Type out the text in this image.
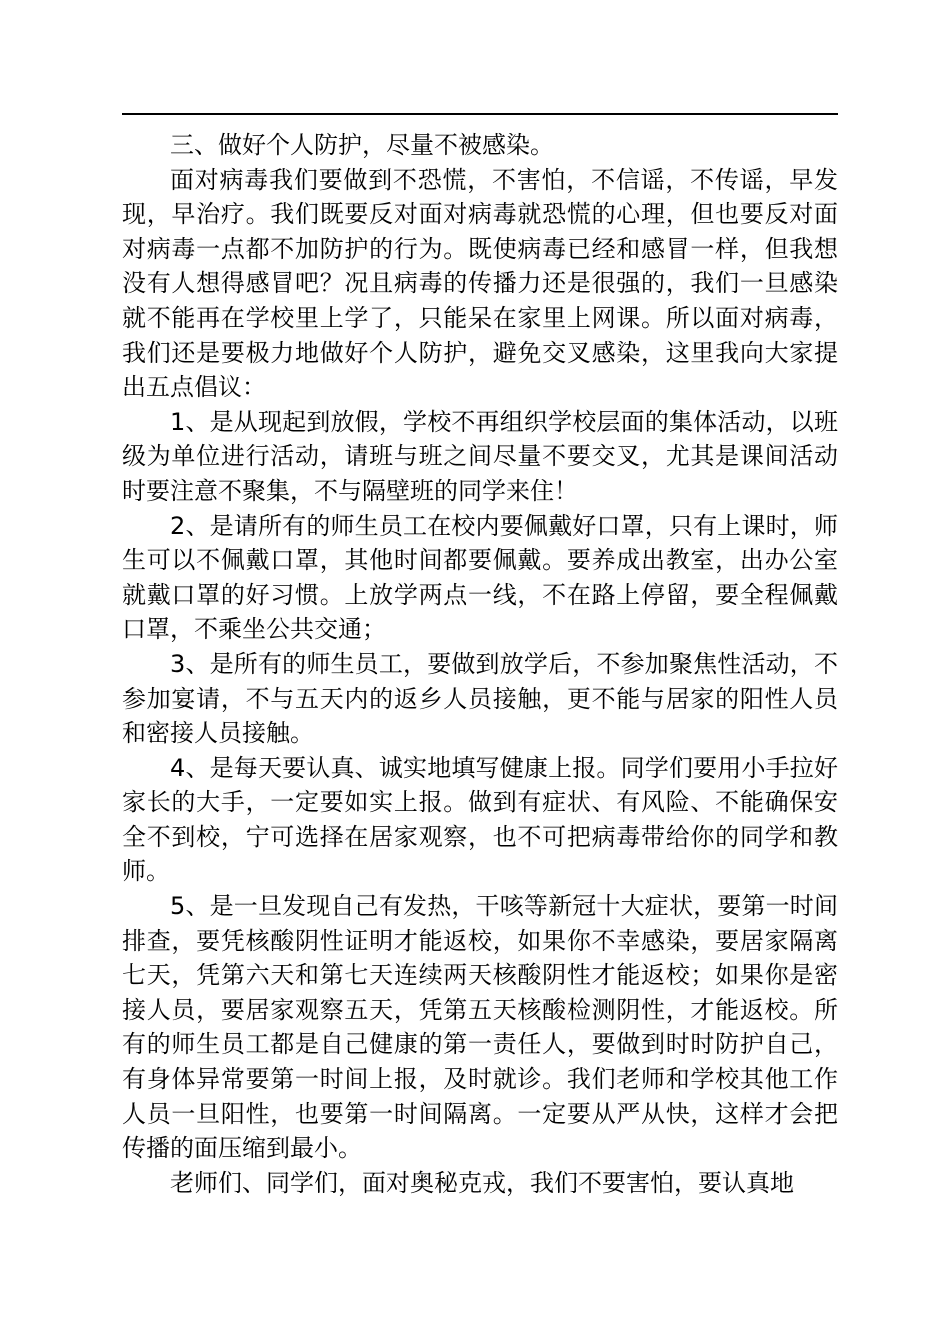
三、做好个人防护，尽量不被感染。

面对病毒我们要做到不恐慌，不害怕，不信谣，不传谣，早发现，早治疗。我们既要反对面对病毒就恐慌的心理，但也要反对面对病毒一点都不加防护的行为。既使病毒已经和感冒一样，但我想没有人想得感冒吧？况且病毒的传播力还是很强的，我们一旦感染就不能再在学校里上学了，只能呆在家里上网课。所以面对病毒，我们还是要极力地做好个人防护，避免交叉感染，这里我向大家提出五点倡议：

1、是从现起到放假，学校不再组织学校层面的集体活动，以班级为单位进行活动，请班与班之间尽量不要交叉，尤其是课间活动时要注意不聚集，不与隔壁班的同学来住！

2、是请所有的师生员工在校内要佩戴好口罩，只有上课时，师生可以不佩戴口罩，其他时间都要佩戴。要养成出教室，出办公室就戴口罩的好习惯。上放学两点一线，不在路上停留，要全程佩戴口罩，不乘坐公共交通；

3、是所有的师生员工，要做到放学后，不参加聚焦性活动，不参加宴请，不与五天内的返乡人员接触，更不能与居家的阳性人员和密接人员接触。

4、是每天要认真、诚实地填写健康上报。同学们要用小手拉好家长的大手，一定要如实上报。做到有症状、有风险、不能确保安全不到校，宁可选择在居家观察，也不可把病毒带给你的同学和教师。

5、是一旦发现自己有发热，干咳等新冠十大症状，要第一时间排查，要凭核酸阴性证明才能返校，如果你不幸感染，要居家隔离七天，凭第六天和第七天连续两天核酸阴性才能返校；如果你是密接人员，要居家观察五天，凭第五天核酸检测阴性，才能返校。所有的师生员工都是自己健康的第一责任人，要做到时时防护自己，有身体异常要第一时间上报，及时就诊。我们老师和学校其他工作人员一旦阳性，也要第一时间隔离。一定要从严从快，这样才会把传播的面压缩到最小。

老师们、同学们，面对奥秘克戎，我们不要害怕，要认真地
